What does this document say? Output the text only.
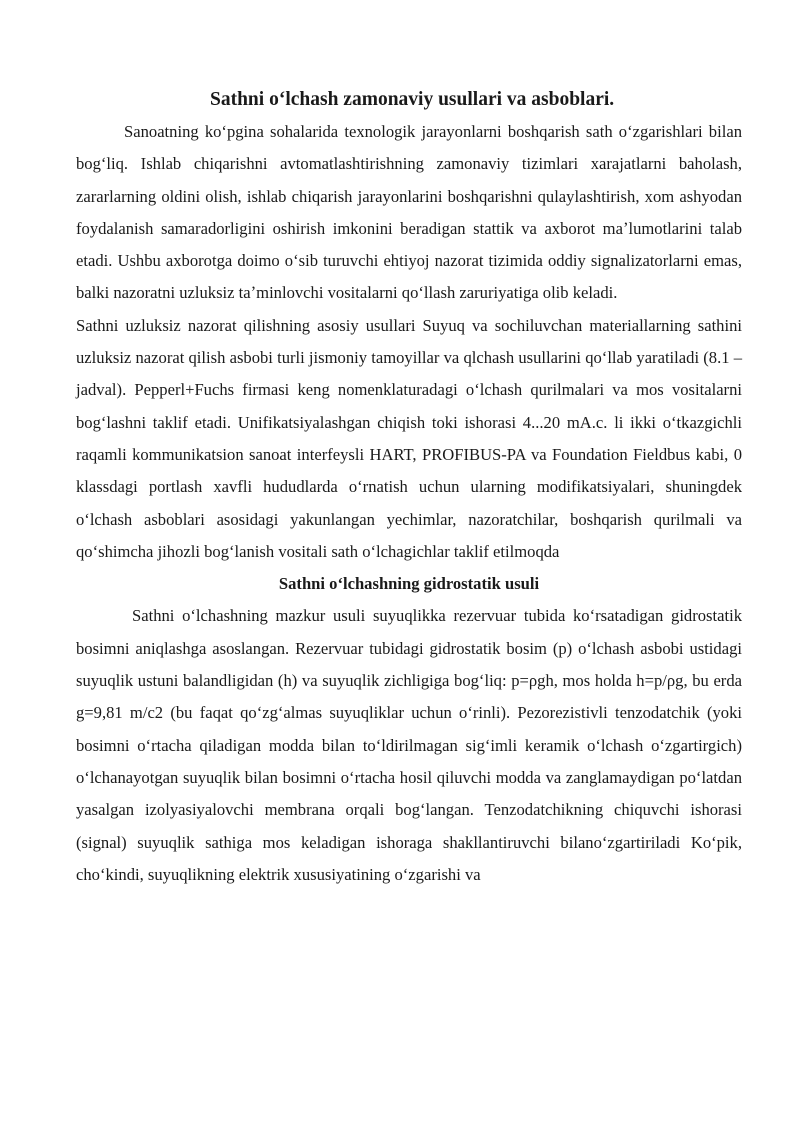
Sathni oʻlchash zamonaviy usullari va asboblari.

Sanoatning koʻpgina sohalarida texnologik jarayonlarni boshqarish sath oʻzgarishlari bilan bogʻliq. Ishlab chiqarishni avtomatlashtirishning zamonaviy tizimlari xarajatlarni baholash, zararlarning oldini olish, ishlab chiqarish jarayonlarini boshqarishni qulaylashtirish, xom ashyodan foydalanish samaradorligini oshirish imkonini beradigan stattik va axborot maʼlumotlarini talab etadi. Ushbu axborotga doimo oʻsib turuvchi ehtiyoj nazorat tizimida oddiy signalizatorlarni emas, balki nazoratni uzluksiz taʼminlovchi vositalarni qoʻllash zaruriyatiga olib keladi.

Sathni uzluksiz nazorat qilishning asosiy usullari Suyuq va sochiluvchan materiallarning sathini uzluksiz nazorat qilish asbobi turli jismoniy tamoyillar va qlchash usullarini qoʻllab yaratiladi (8.1 – jadval). Pepperl+Fuchs firmasi keng nomenklaturadagi oʻlchash qurilmalari va mos vositalarni bogʻlashni taklif etadi. Unifikatsiyalashgan chiqish toki ishorasi 4...20 mA.c. li ikki oʻtkazgichli raqamli kommunikatsion sanoat interfeysli HART, PROFIBUS-PA va Foundation Fieldbus kabi, 0 klassdagi portlash xavfli hududlarda oʻrnatish uchun ularning modifikatsiyalari, shuningdek oʻlchash asboblari asosidagi yakunlangan yechimlar, nazoratchilar, boshqarish qurilmali va qoʻshimcha jihozli bogʻlanish vositali sath oʻlchagichlar taklif etilmoqda

Sathni oʻlchashning gidrostatik usuli

Sathni oʻlchashning mazkur usuli suyuqlikka rezervuar tubida koʻrsatadigan gidrostatik bosimni aniqlashga asoslangan. Rezervuar tubidagi gidrostatik bosim (p) oʻlchash asbobi ustidagi suyuqlik ustuni balandligidan (h) va suyuqlik zichligiga bogʻliq: p=ρgh, mos holda h=p/ρg, bu erda g=9,81 m/c2 (bu faqat qoʻzgʻalmas suyuqliklar uchun oʻrinli). Pezorezistivli tenzodatchik (yoki bosimni oʻrtacha qiladigan modda bilan toʻldirilmagan sigʻimli keramik oʻlchash oʻzgartirgich) oʻlchanayotgan suyuqlik bilan bosimni oʻrtacha hosil qiluvchi modda va zanglamaydigan poʻlatdan yasalgan izolyasiyalovchi membrana orqali bogʻlangan. Tenzodatchikning chiquvchi ishorasi (signal) suyuqlik sathiga mos keladigan ishoraga shakllantiruvchi bilanoʻzgartiriladi Koʻpik, choʻkindi, suyuqlikning elektrik xususiyatining oʻzgarishi va
